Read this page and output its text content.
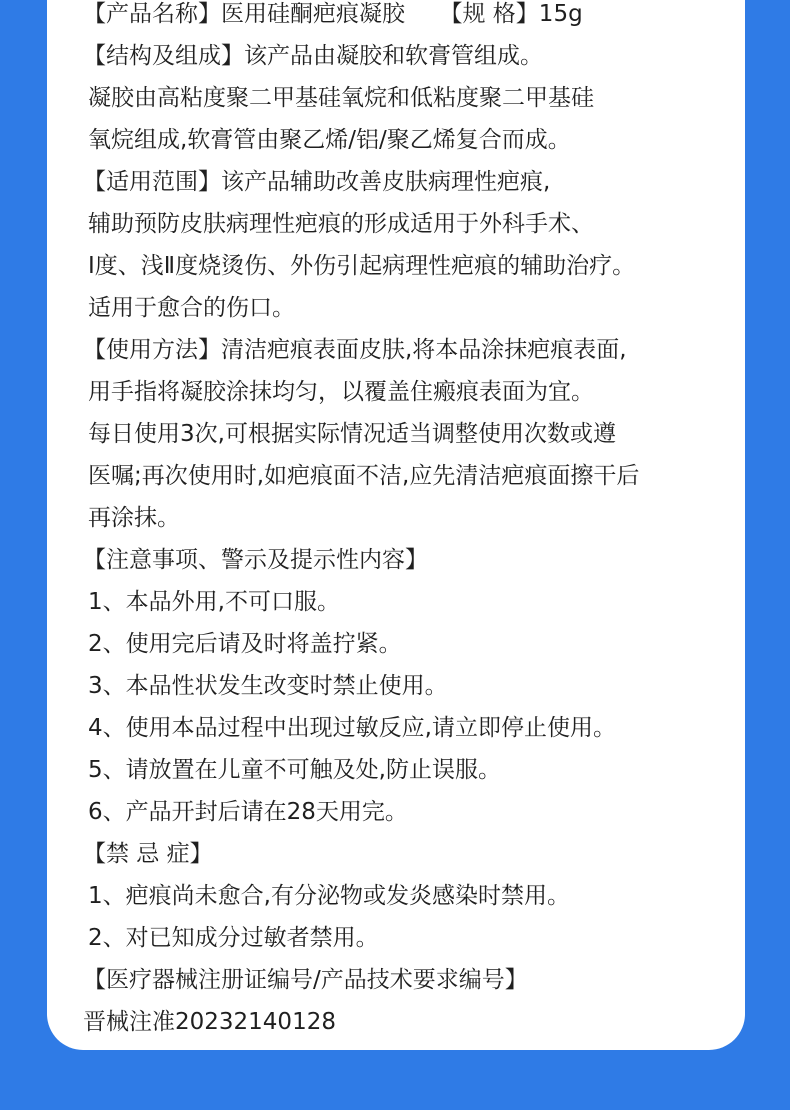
【产品名称】医用硅酮疤痕凝胶　　【规 格】15g
【结构及组成】该产品由凝胶和软膏管组成。
凝胶由高粘度聚二甲基硅氧烷和低粘度聚二甲基硅
氧烷组成,软膏管由聚乙烯/铝/聚乙烯复合而成。
【适用范围】该产品辅助改善皮肤病理性疤痕,
辅助预防皮肤病理性疤痕的形成适用于外科手术、
I度、浅Ⅱ度烧烫伤、外伤引起病理性疤痕的辅助治疗。
适用于愈合的伤口。
【使用方法】清洁疤痕表面皮肤,将本品涂抹疤痕表面,
用手指将凝胶涂抹均匀，以覆盖住瘢痕表面为宜。
每日使用3次,可根据实际情况适当调整使用次数或遵
医嘱;再次使用时,如疤痕面不洁,应先清洁疤痕面擦干后
再涂抹。
【注意事项、警示及提示性内容】
1、本品外用,不可口服。
2、使用完后请及时将盖拧紧。
3、本品性状发生改变时禁止使用。
4、使用本品过程中出现过敏反应,请立即停止使用。
5、请放置在儿童不可触及处,防止误服。
6、产品开封后请在28天用完。
【禁 忌 症】
1、疤痕尚未愈合,有分泌物或发炎感染时禁用。
2、对已知成分过敏者禁用。
【医疗器械注册证编号/产品技术要求编号】
晋械注准20232140128
